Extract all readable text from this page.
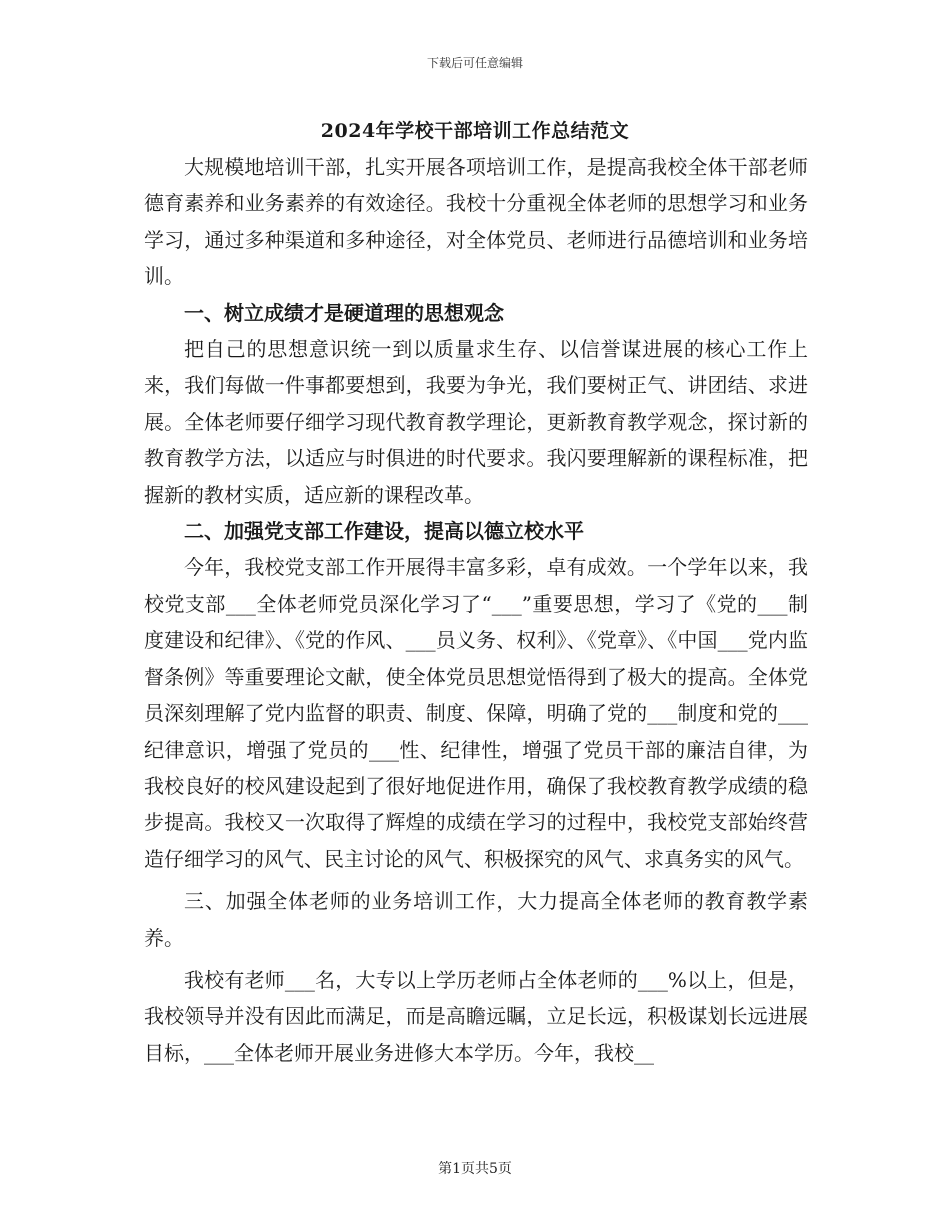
下载后可任意编辑
2024年学校干部培训工作总结范文

大规模地培训干部，扎实开展各项培训工作，是提高我校全体干部老师德育素养和业务素养的有效途径。我校十分重视全体老师的思想学习和业务学习，通过多种渠道和多种途径，对全体党员、老师进行品德培训和业务培训。

一、树立成绩才是硬道理的思想观念

把自己的思想意识统一到以质量求生存、以信誉谋进展的核心工作上来，我们每做一件事都要想到，我要为争光，我们要树正气、讲团结、求进展。全体老师要仔细学习现代教育教学理论，更新教育教学观念，探讨新的教育教学方法，以适应与时俱进的时代要求。我闪要理解新的课程标准，把握新的教材实质，适应新的课程改革。

二、加强党支部工作建设，提高以德立校水平

今年，我校党支部工作开展得丰富多彩，卓有成效。一个学年以来，我校党支部___全体老师党员深化学习了“___”重要思想，学习了《党的___制度建设和纪律》、《党的作风、___员义务、权利》、《党章》、《中国___党内监督条例》等重要理论文献，使全体党员思想觉悟得到了极大的提高。全体党员深刻理解了党内监督的职责、制度、保障，明确了党的___制度和党的___纪律意识，增强了党员的___性、纪律性，增强了党员干部的廉洁自律，为我校良好的校风建设起到了很好地促进作用，确保了我校教育教学成绩的稳步提高。我校又一次取得了辉煌的成绩在学习的过程中，我校党支部始终营造仔细学习的风气、民主讨论的风气、积极探究的风气、求真务实的风气。

三、加强全体老师的业务培训工作，大力提高全体老师的教育教学素养。

我校有老师___名，大专以上学历老师占全体老师的___%以上，但是，我校领导并没有因此而满足，而是高瞻远瞩，立足长远，积极谋划长远进展目标，___全体老师开展业务进修大本学历。今年，我校__

第1页共5页
